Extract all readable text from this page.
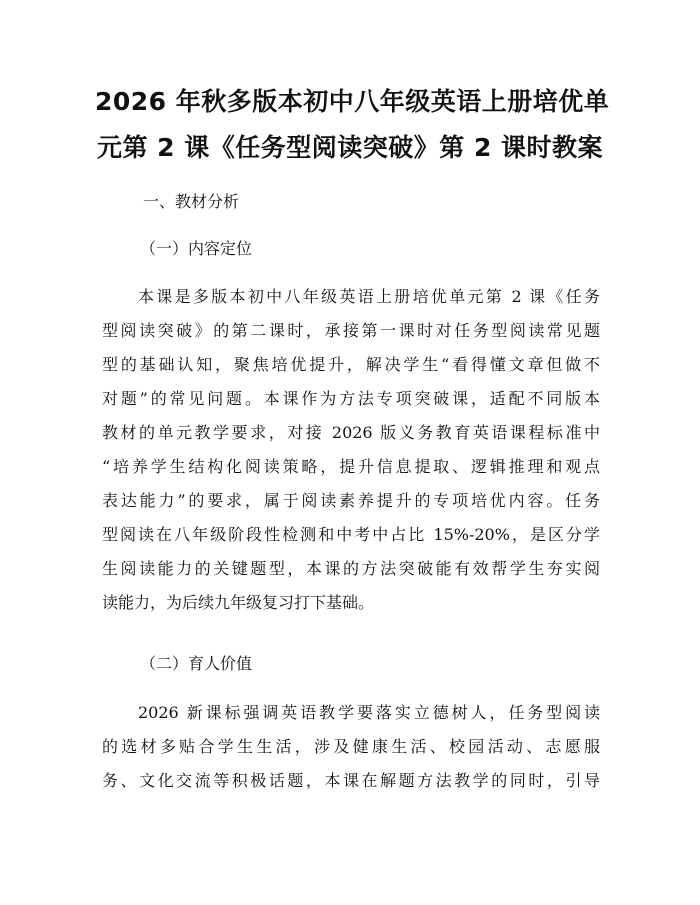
2026 年秋多版本初中八年级英语上册培优单
元第 2 课《任务型阅读突破》第 2 课时教案
一、教材分析
（一）内容定位
本课是多版本初中八年级英语上册培优单元第 2 课《任务
型阅读突破》的第二课时，承接第一课时对任务型阅读常见题
型的基础认知，聚焦培优提升，解决学生“看得懂文章但做不
对题”的常见问题。本课作为方法专项突破课，适配不同版本
教材的单元教学要求，对接 2026 版义务教育英语课程标准中
“培养学生结构化阅读策略，提升信息提取、逻辑推理和观点
表达能力”的要求，属于阅读素养提升的专项培优内容。任务
型阅读在八年级阶段性检测和中考中占比 15%-20%，是区分学
生阅读能力的关键题型，本课的方法突破能有效帮学生夯实阅
读能力，为后续九年级复习打下基础。
（二）育人价值
2026 新课标强调英语教学要落实立德树人，任务型阅读
的选材多贴合学生生活，涉及健康生活、校园活动、志愿服
务、文化交流等积极话题，本课在解题方法教学的同时，引导
